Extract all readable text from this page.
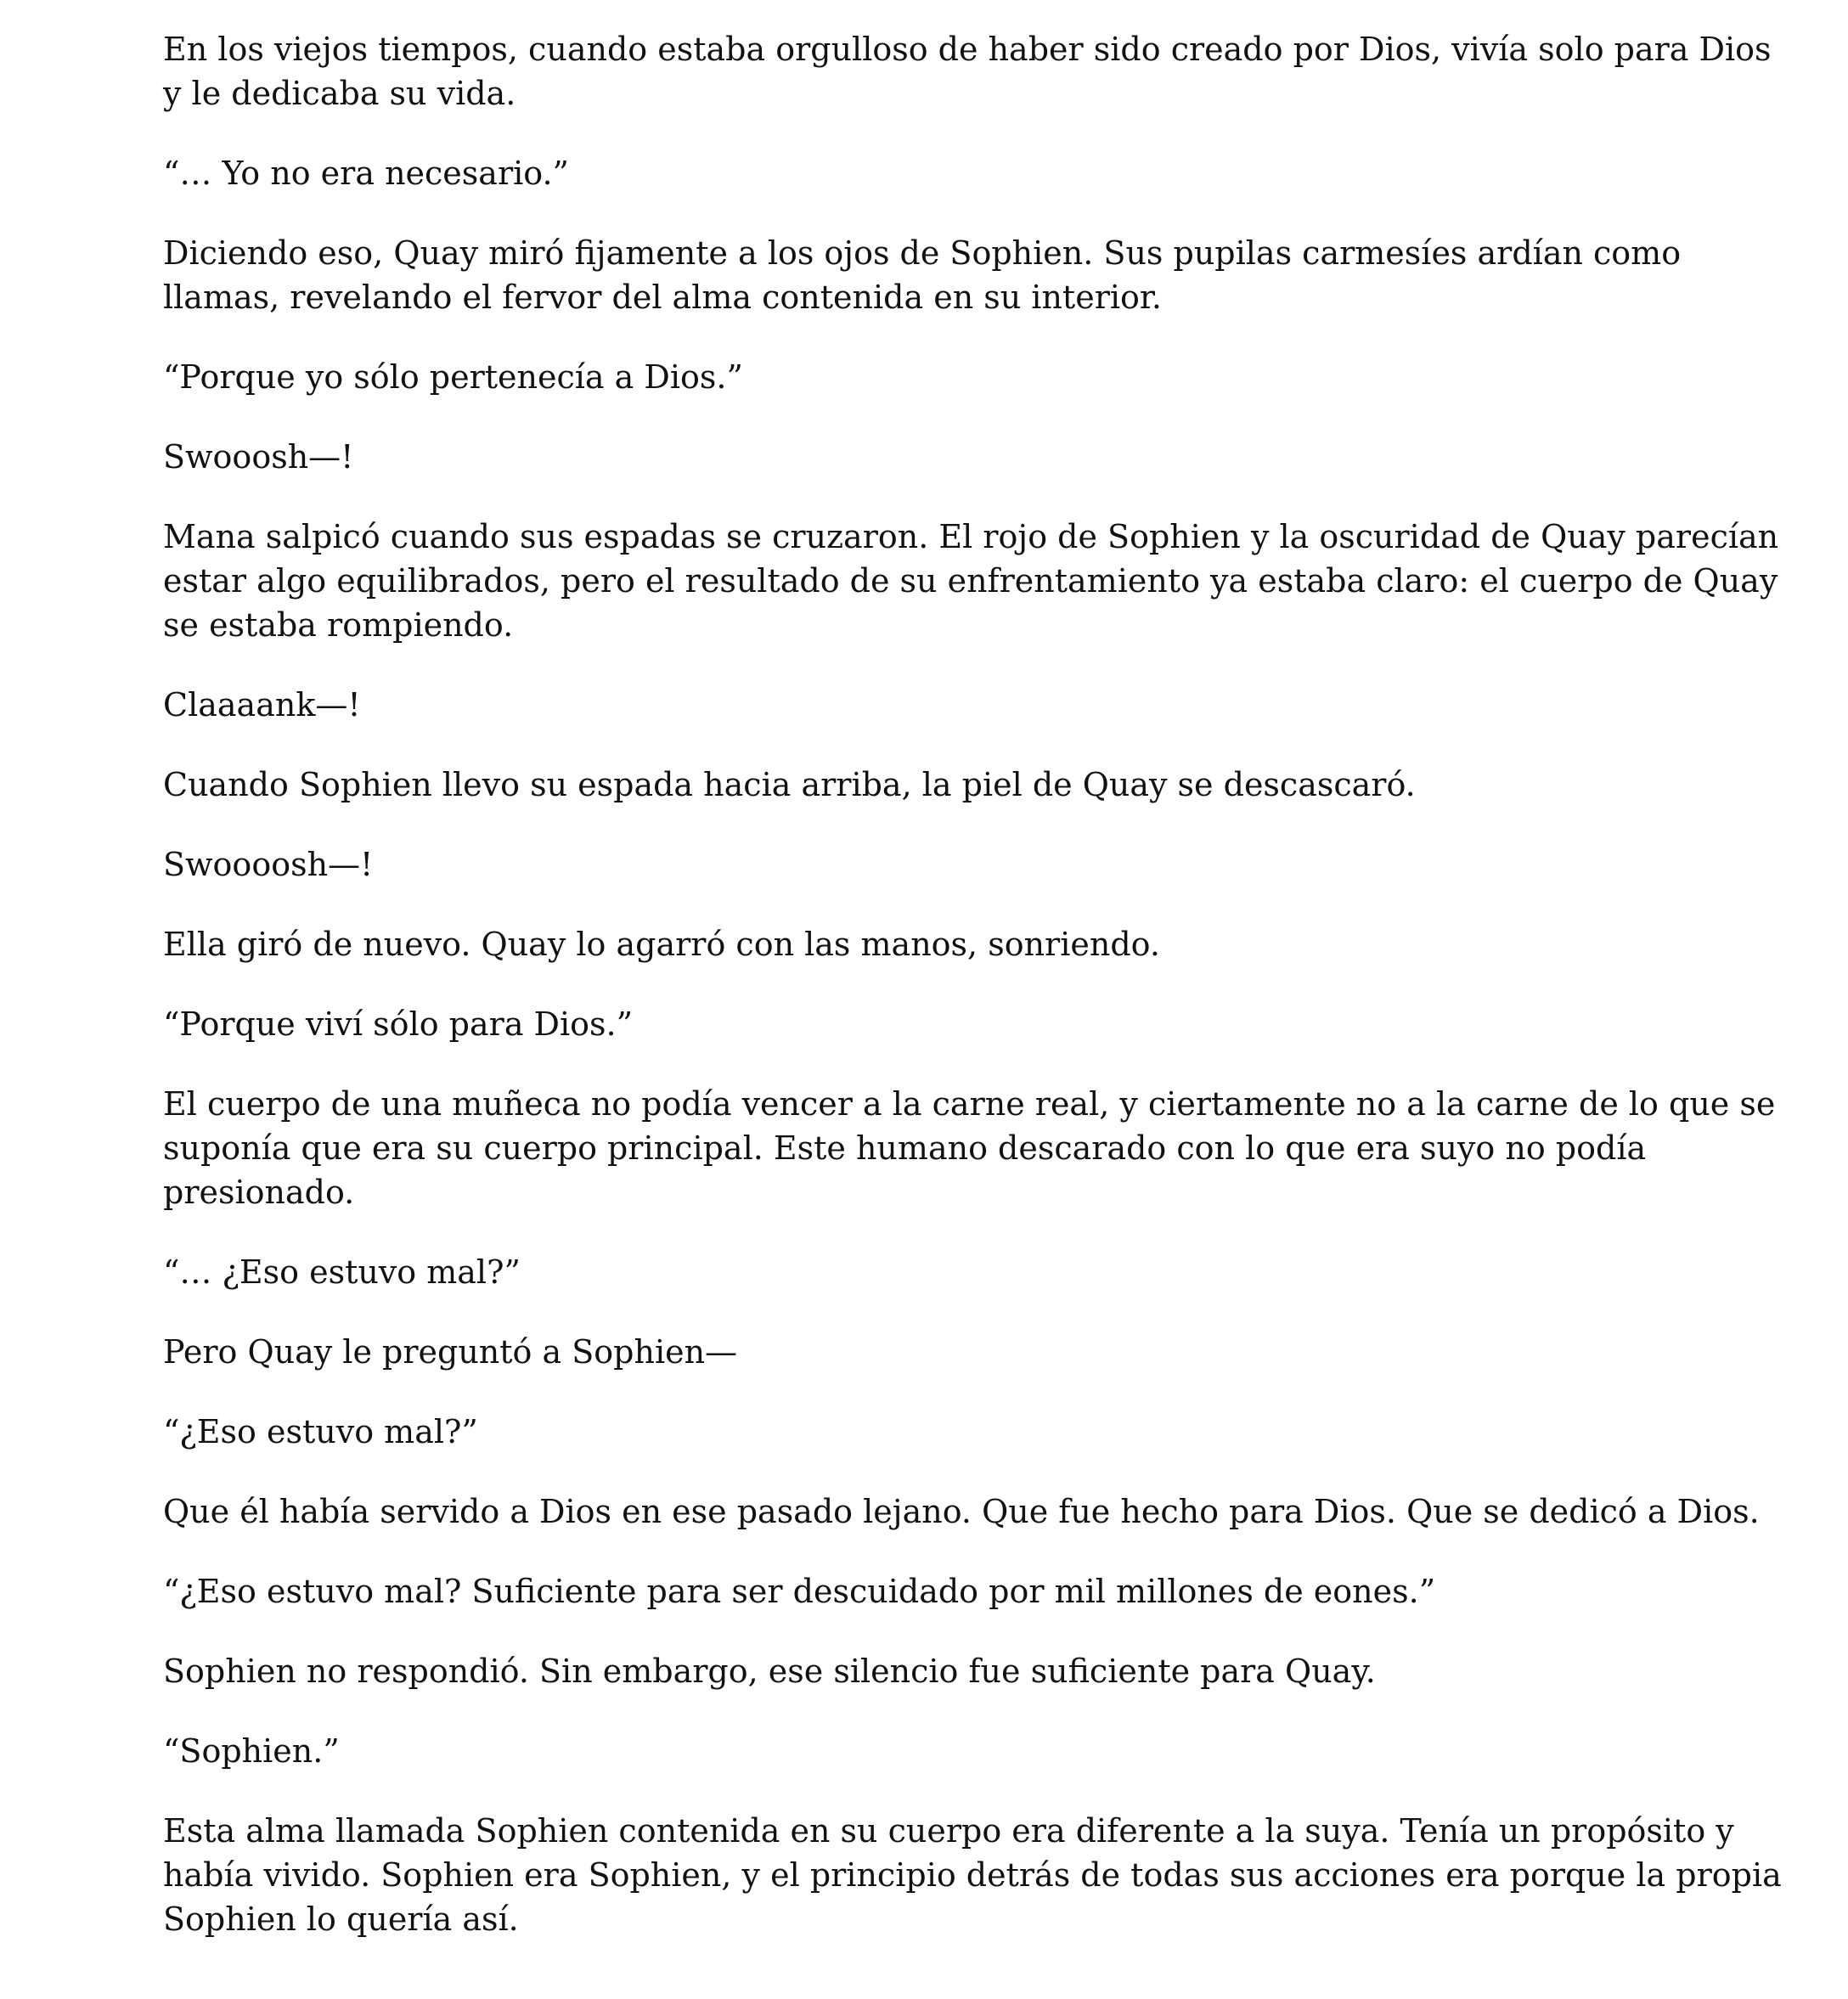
En los viejos tiempos, cuando estaba orgulloso de haber sido creado por Dios, vivía solo para Dios
y le dedicaba su vida.

“… Yo no era necesario.”

Diciendo eso, Quay miró fijamente a los ojos de Sophien. Sus pupilas carmesíes ardían como
llamas, revelando el fervor del alma contenida en su interior.

“Porque yo sólo pertenecía a Dios.”

Swooosh—!

Mana salpicó cuando sus espadas se cruzaron. El rojo de Sophien y la oscuridad de Quay parecían
estar algo equilibrados, pero el resultado de su enfrentamiento ya estaba claro: el cuerpo de Quay
se estaba rompiendo.

Claaaank—!

Cuando Sophien llevo su espada hacia arriba, la piel de Quay se descascaró.

Swoooosh—!

Ella giró de nuevo. Quay lo agarró con las manos, sonriendo.

“Porque viví sólo para Dios.”

El cuerpo de una muñeca no podía vencer a la carne real, y ciertamente no a la carne de lo que se
suponía que era su cuerpo principal. Este humano descarado con lo que era suyo no podía
presionado.

“… ¿Eso estuvo mal?”

Pero Quay le preguntó a Sophien—

“¿Eso estuvo mal?”

Que él había servido a Dios en ese pasado lejano. Que fue hecho para Dios. Que se dedicó a Dios.

“¿Eso estuvo mal? Suficiente para ser descuidado por mil millones de eones.”

Sophien no respondió. Sin embargo, ese silencio fue suficiente para Quay.

“Sophien.”

Esta alma llamada Sophien contenida en su cuerpo era diferente a la suya. Tenía un propósito y
había vivido. Sophien era Sophien, y el principio detrás de todas sus acciones era porque la propia
Sophien lo quería así.
